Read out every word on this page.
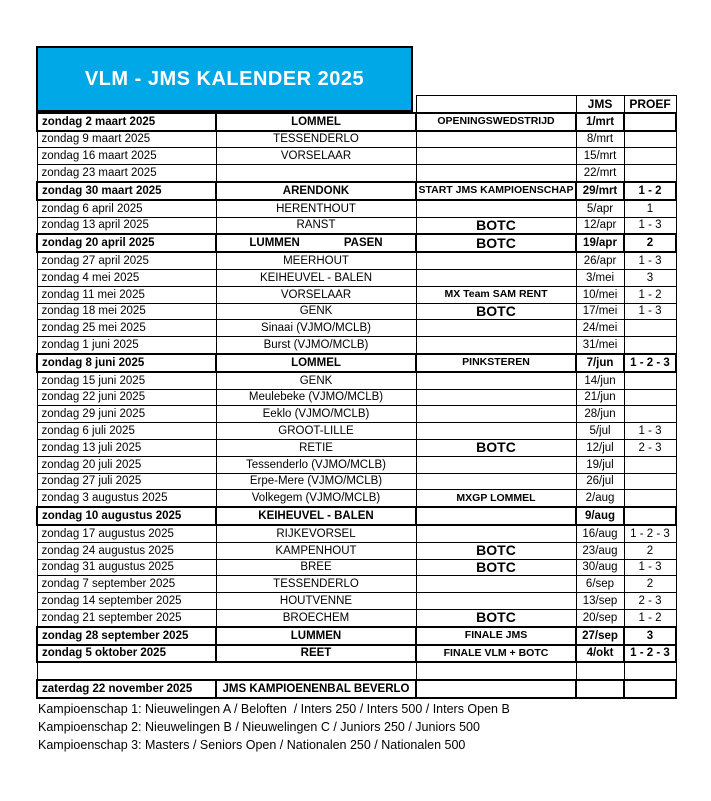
			JMS	PROEF
zondag 2 maart 2025	LOMMEL	OPENINGSWEDSTRIJD	1/mrt	
zondag 9 maart 2025	TESSENDERLO		8/mrt	
zondag 16 maart 2025	VORSELAAR		15/mrt	
zondag 23 maart 2025			22/mrt	
zondag 30 maart 2025	ARENDONK	START JMS KAMPIOENSCHAP	29/mrt	1 - 2
zondag 6 april 2025	HERENTHOUT		5/apr	1
zondag 13 april 2025	RANST	BOTC	12/apr	1 - 3
zondag 20 april 2025	LUMMEN PASEN	BOTC	19/apr	2
zondag 27 april 2025	MEERHOUT		26/apr	1 - 3
zondag 4 mei 2025	KEIHEUVEL - BALEN		3/mei	3
zondag 11 mei 2025	VORSELAAR	MX Team SAM RENT	10/mei	1 - 2
zondag 18 mei 2025	GENK	BOTC	17/mei	1 - 3
zondag 25 mei 2025	Sinaai (VJMO/MCLB)		24/mei	
zondag 1 juni 2025	Burst (VJMO/MCLB)		31/mei	
zondag 8 juni 2025	LOMMEL	PINKSTEREN	7/jun	1 - 2 - 3
zondag 15 juni 2025	GENK		14/jun	
zondag 22 juni 2025	Meulebeke (VJMO/MCLB)		21/jun	
zondag 29 juni 2025	Eeklo (VJMO/MCLB)		28/jun	
zondag 6 juli 2025	GROOT-LILLE		5/jul	1 - 3
zondag 13 juli 2025	RETIE	BOTC	12/jul	2 - 3
zondag 20 juli 2025	Tessenderlo (VJMO/MCLB)		19/jul	
zondag 27 juli 2025	Erpe-Mere (VJMO/MCLB)		26/jul	
zondag 3 augustus 2025	Volkegem (VJMO/MCLB)	MXGP LOMMEL	2/aug	
zondag 10 augustus 2025	KEIHEUVEL - BALEN		9/aug	
zondag 17 augustus 2025	RIJKEVORSEL		16/aug	1 - 2 - 3
zondag 24 augustus 2025	KAMPENHOUT	BOTC	23/aug	2
zondag 31 augustus 2025	BREE	BOTC	30/aug	1 - 3
zondag 7 september 2025	TESSENDERLO		6/sep	2
zondag 14 september 2025	HOUTVENNE		13/sep	2 - 3
zondag 21 september 2025	BROECHEM	BOTC	20/sep	1 - 2
zondag 28 september 2025	LUMMEN	FINALE JMS	27/sep	3
zondag 5 oktober 2025	REET	FINALE VLM + BOTC	4/okt	1 - 2 - 3

zaterdag 22 november 2025	JMS KAMPIOENENBAL BEVERLO			
VLM - JMS KALENDER 2025
Kampioenschap 1: Nieuwelingen A / Beloften  / Inters 250 / Inters 500 / Inters Open B
Kampioenschap 2: Nieuwelingen B / Nieuwelingen C / Juniors 250 / Juniors 500
Kampioenschap 3: Masters / Seniors Open / Nationalen 250 / Nationalen 500
